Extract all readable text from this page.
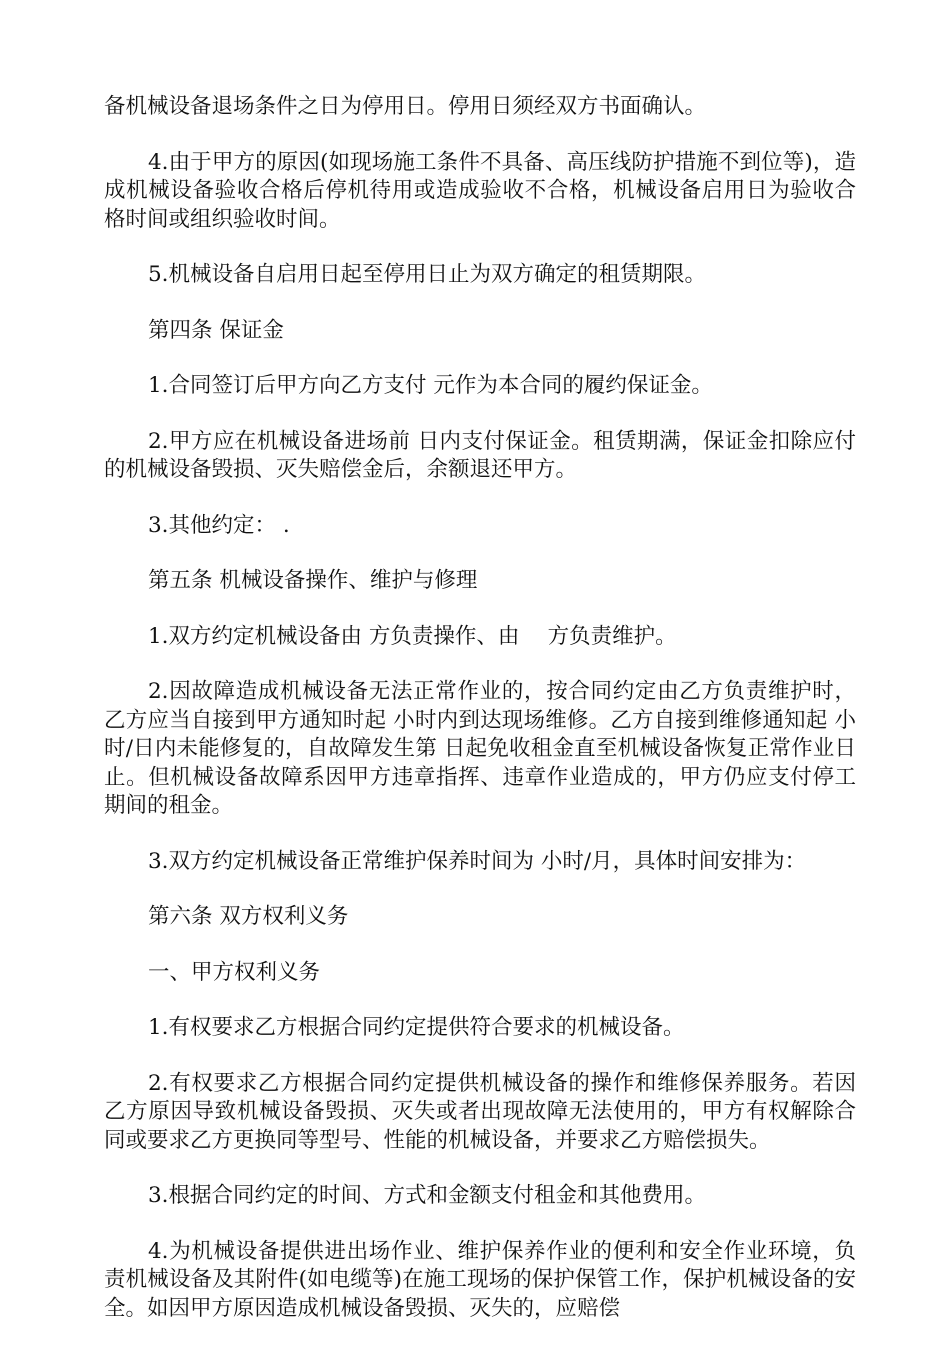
备机械设备退场条件之日为停用日。停用日须经双方书面确认。

4.由于甲方的原因(如现场施工条件不具备、高压线防护措施不到位等)，造成机械设备验收合格后停机待用或造成验收不合格，机械设备启用日为验收合格时间或组织验收时间。

5.机械设备自启用日起至停用日止为双方确定的租赁期限。

第四条 保证金

1.合同签订后甲方向乙方支付 元作为本合同的履约保证金。

2.甲方应在机械设备进场前 日内支付保证金。租赁期满，保证金扣除应付的机械设备毁损、灭失赔偿金后，余额退还甲方。

3.其他约定： .

第五条 机械设备操作、维护与修理

1.双方约定机械设备由 方负责操作、由　 方负责维护。

2.因故障造成机械设备无法正常作业的，按合同约定由乙方负责维护时，乙方应当自接到甲方通知时起 小时内到达现场维修。乙方自接到维修通知起 小时/日内未能修复的，自故障发生第 日起免收租金直至机械设备恢复正常作业日止。但机械设备故障系因甲方违章指挥、违章作业造成的，甲方仍应支付停工期间的租金。

3.双方约定机械设备正常维护保养时间为 小时/月，具体时间安排为：

第六条 双方权利义务

一、甲方权利义务

1.有权要求乙方根据合同约定提供符合要求的机械设备。

2.有权要求乙方根据合同约定提供机械设备的操作和维修保养服务。若因乙方原因导致机械设备毁损、灭失或者出现故障无法使用的，甲方有权解除合同或要求乙方更换同等型号、性能的机械设备，并要求乙方赔偿损失。

3.根据合同约定的时间、方式和金额支付租金和其他费用。

4.为机械设备提供进出场作业、维护保养作业的便利和安全作业环境，负责机械设备及其附件(如电缆等)在施工现场的保护保管工作，保护机械设备的安全。如因甲方原因造成机械设备毁损、灭失的，应赔偿
